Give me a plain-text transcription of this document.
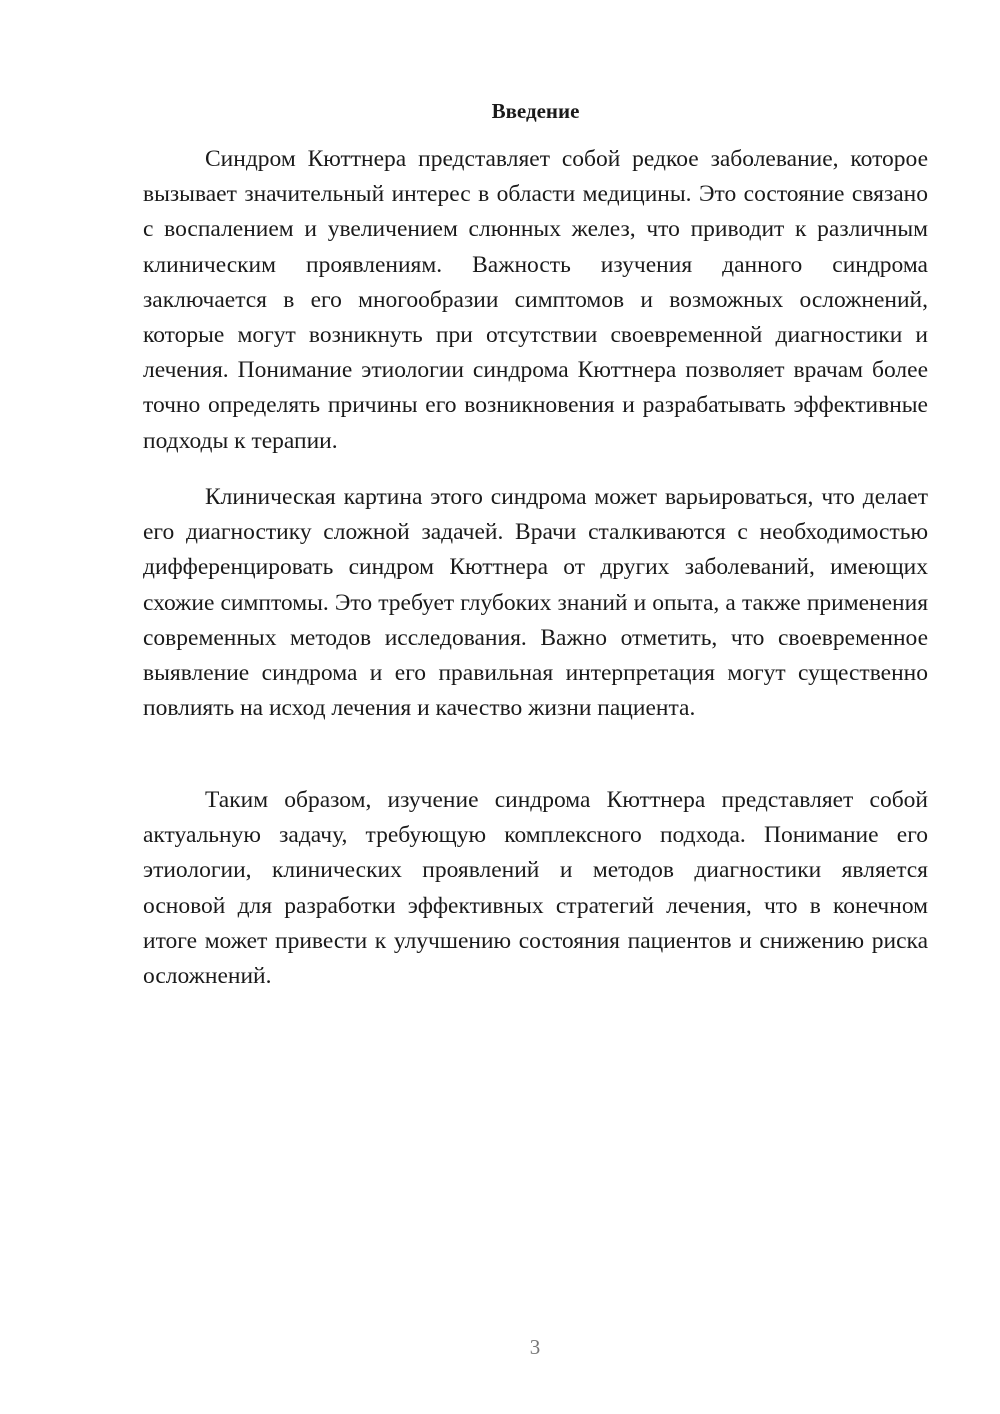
Введение

Синдром Кюттнера представляет собой редкое заболевание, которое вызывает значительный интерес в области медицины. Это состояние связано с воспалением и увеличением слюнных желез, что приводит к различным клиническим проявлениям. Важность изучения данного синдрома заключается в его многообразии симптомов и возможных осложнений, которые могут возникнуть при отсутствии своевременной диагностики и лечения. Понимание этиологии синдрома Кюттнера позволяет врачам более точно определять причины его возникновения и разрабатывать эффективные подходы к терапии.

Клиническая картина этого синдрома может варьироваться, что делает его диагностику сложной задачей. Врачи сталкиваются с необходимостью дифференцировать синдром Кюттнера от других заболеваний, имеющих схожие симптомы. Это требует глубоких знаний и опыта, а также применения современных методов исследования. Важно отметить, что своевременное выявление синдрома и его правильная интерпретация могут существенно повлиять на исход лечения и качество жизни пациента.

Таким образом, изучение синдрома Кюттнера представляет собой актуальную задачу, требующую комплексного подхода. Понимание его этиологии, клинических проявлений и методов диагностики является основой для разработки эффективных стратегий лечения, что в конечном итоге может привести к улучшению состояния пациентов и снижению риска осложнений.

3
